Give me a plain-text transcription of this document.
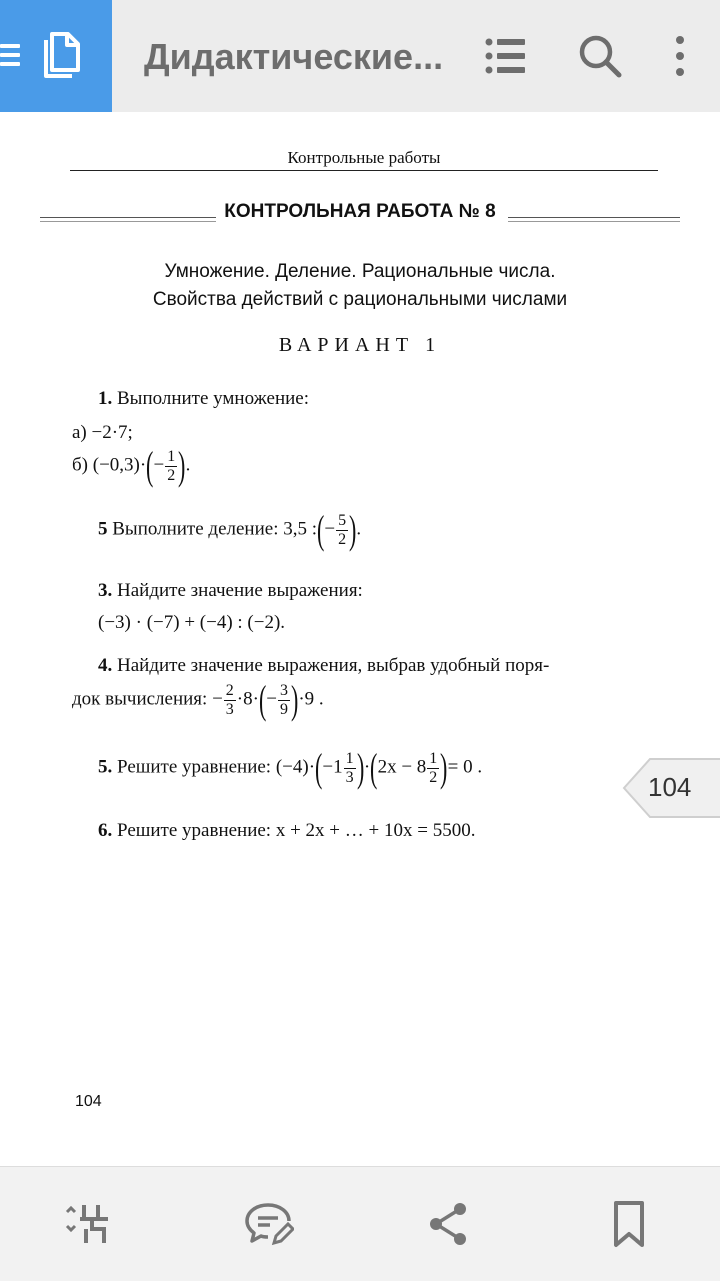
Дидактические...
Контрольные работы
КОНТРОЛЬНАЯ РАБОТА № 8
Умножение. Деление. Рациональные числа.
Свойства действий с рациональными числами
ВАРИАНТ 1
1. Выполните умножение:
а) −2·7;
б) $(-0,3)\cdot(- \frac{1}{2}$ ).
5 Выполните деление: 3,5 :(− $\frac{5}{2}$ ).
3. Найдите значение выражения:
(−3) · (−7) + (−4) : (−2).
4. Найдите значение выражения, выбрав удобный поря-
док вычисления: − $\frac{2}{3} \cdot 8\cdot(- \frac{3}{9} )\cdot 9$ .
5. Решите уравнение: $(-4)\cdot(-1 \frac{1}{3} )\cdot(2x - 8 \frac{1}{2}$ )= 0 .
6. Решите уравнение: x + 2x + … + 10x = 5500.
104
104
